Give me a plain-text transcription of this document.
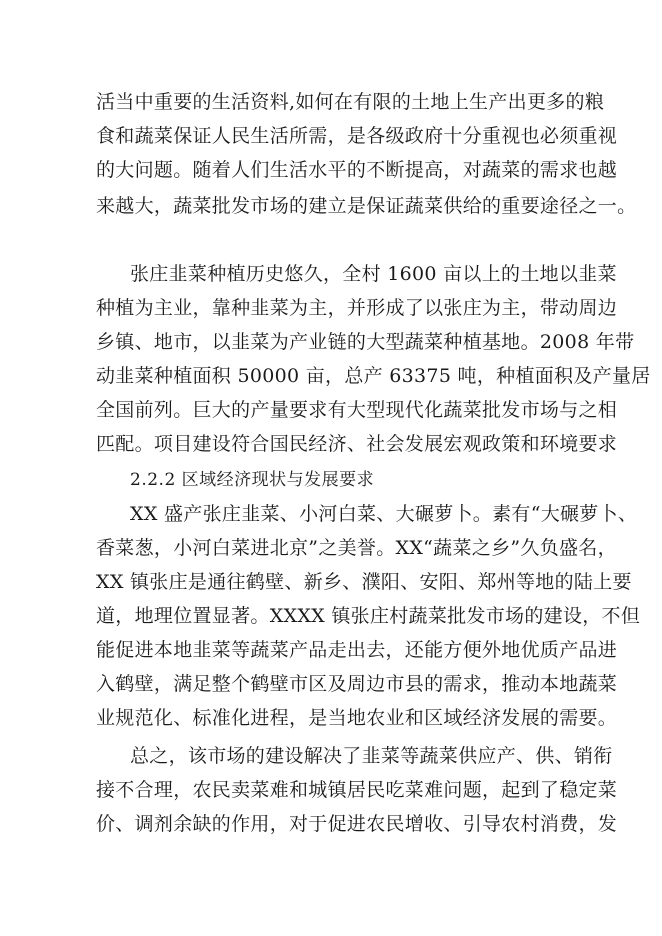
活当中重要的生活资料,如何在有限的土地上生产出更多的粮
食和蔬菜保证人民生活所需，是各级政府十分重视也必须重视
的大问题。随着人们生活水平的不断提高，对蔬菜的需求也越
来越大，蔬菜批发市场的建立是保证蔬菜供给的重要途径之一。
张庄韭菜种植历史悠久，全村 1600 亩以上的土地以韭菜
种植为主业，靠种韭菜为主，并形成了以张庄为主，带动周边
乡镇、地市，以韭菜为产业链的大型蔬菜种植基地。2008 年带
动韭菜种植面积 50000 亩，总产 63375 吨，种植面积及产量居
全国前列。巨大的产量要求有大型现代化蔬菜批发市场与之相
匹配。项目建设符合国民经济、社会发展宏观政策和环境要求
2.2.2 区域经济现状与发展要求
XX 盛产张庄韭菜、小河白菜、大碾萝卜。素有“大碾萝卜、
香菜葱，小河白菜进北京”之美誉。XX“蔬菜之乡”久负盛名，
XX 镇张庄是通往鹤壁、新乡、濮阳、安阳、郑州等地的陆上要
道，地理位置显著。XXXX 镇张庄村蔬菜批发市场的建设，不但
能促进本地韭菜等蔬菜产品走出去，还能方便外地优质产品进
入鹤壁，满足整个鹤壁市区及周边市县的需求，推动本地蔬菜
业规范化、标准化进程，是当地农业和区域经济发展的需要。
总之，该市场的建设解决了韭菜等蔬菜供应产、供、销衔
接不合理，农民卖菜难和城镇居民吃菜难问题，起到了稳定菜
价、调剂余缺的作用，对于促进农民增收、引导农村消费，发
